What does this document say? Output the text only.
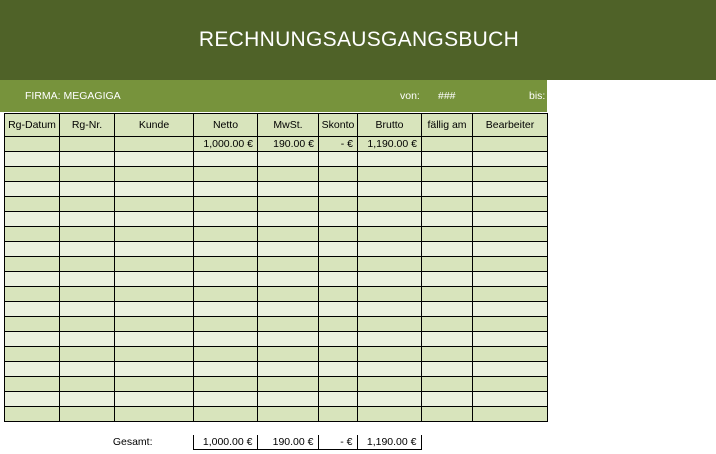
RECHNUNGSAUSGANGSBUCH
FIRMA: MEGAGIGA	von: ###	bis:
Rg-Datum	Rg-Nr.	Kunde	Netto	MwSt.	Skonto	Brutto	fällig am	Bearbeiter
			1,000.00 €	190.00 €	- €	1,190.00 €		

Gesamt:	1,000.00 €	190.00 €	- €	1,190.00 €
